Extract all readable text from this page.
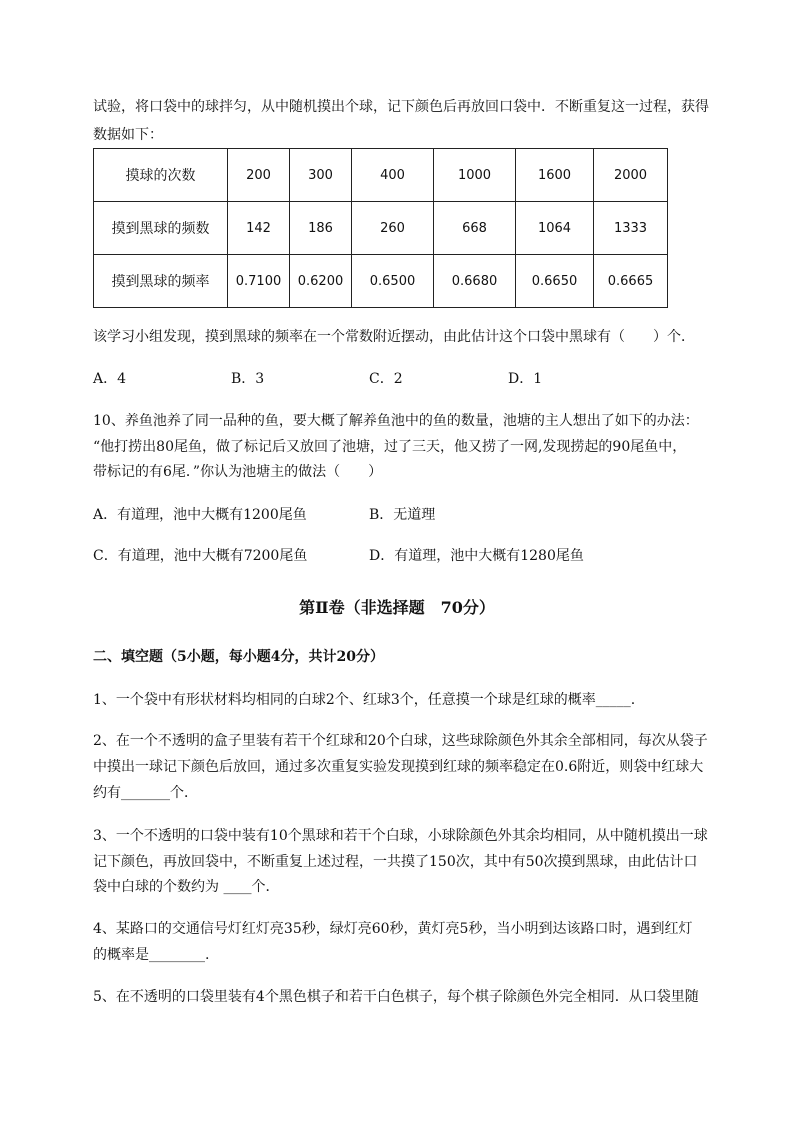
试验，将口袋中的球拌匀，从中随机摸出个球，记下颜色后再放回口袋中．不断重复这一过程，获得
数据如下：
摸球的次数	200	300	400	1000	1600	2000
摸到黑球的频数	142	186	260	668	1064	1333
摸到黑球的频率	0.7100	0.6200	0.6500	0.6680	0.6650	0.6665
该学习小组发现，摸到黑球的频率在一个常数附近摆动，由此估计这个口袋中黑球有（　　）个．
A．4	B．3	C．2	D．1
10、养鱼池养了同一品种的鱼，要大概了解养鱼池中的鱼的数量，池塘的主人想出了如下的办法：
“他打捞出80尾鱼，做了标记后又放回了池塘，过了三天，他又捞了一网,发现捞起的90尾鱼中，
带标记的有6尾．”你认为池塘主的做法（　　）
A．有道理，池中大概有1200尾鱼	B．无道理
C．有道理，池中大概有7200尾鱼	D．有道理，池中大概有1280尾鱼
第Ⅱ卷（非选择题　70分）
二、填空题（5小题，每小题4分，共计20分）
1、一个袋中有形状材料均相同的白球2个、红球3个，任意摸一个球是红球的概率_____.
2、在一个不透明的盒子里装有若干个红球和20个白球，这些球除颜色外其余全部相同，每次从袋子
中摸出一球记下颜色后放回，通过多次重复实验发现摸到红球的频率稳定在0.6附近，则袋中红球大
约有_______个．
3、一个不透明的口袋中装有10个黑球和若干个白球，小球除颜色外其余均相同，从中随机摸出一球
记下颜色，再放回袋中，不断重复上述过程，一共摸了150次，其中有50次摸到黑球，由此估计口
袋中白球的个数约为 ____个．
4、某路口的交通信号灯红灯亮35秒，绿灯亮60秒，黄灯亮5秒，当小明到达该路口时，遇到红灯
的概率是________.
5、在不透明的口袋里装有4个黑色棋子和若干白色棋子，每个棋子除颜色外完全相同．从口袋里随
